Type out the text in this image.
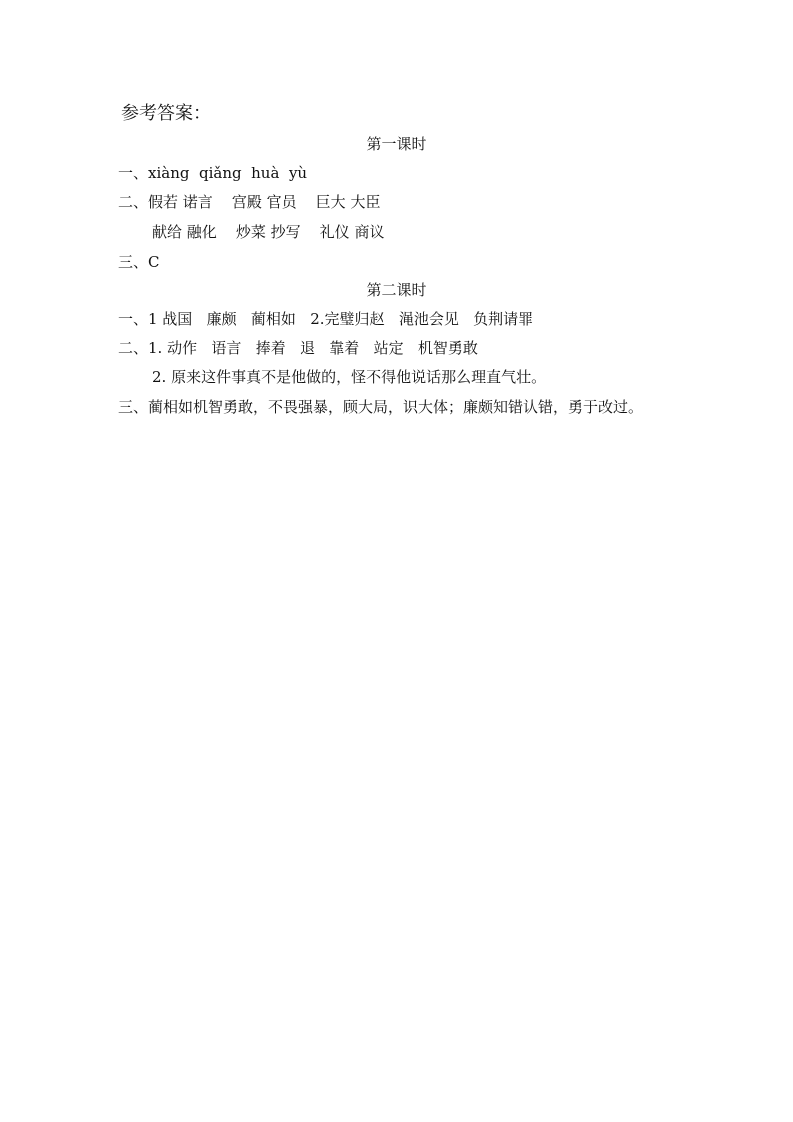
参考答案：
第一课时
一、xiàng  qiǎng  huà  yù
二、假若 诺言    宫殿 官员    巨大 大臣
献给 融化    炒菜 抄写    礼仪 商议
三、C
第二课时
一、1 战国   廉颇   蔺相如   2.完璧归赵   渑池会见   负荆请罪
二、1. 动作   语言   捧着   退   靠着   站定   机智勇敢
2. 原来这件事真不是他做的，怪不得他说话那么理直气壮。
三、蔺相如机智勇敢，不畏强暴，顾大局，识大体；廉颇知错认错，勇于改过。
